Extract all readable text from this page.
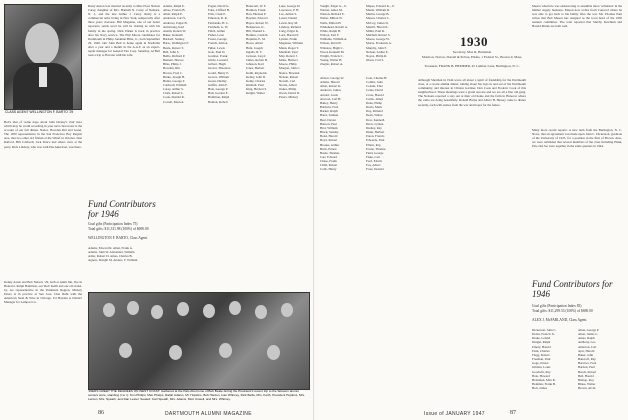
CLASS AGENT WELLINGTON F. BARTO '29
Rusty Anson was married recently to Miss Flora Nelson Carey, daughter of Mrs. Hannah N. Carey of Nemark, N. J., and the late Arthur J. Carey. Rusty is a commercial artist living in New York, temporarily after three years overseas. Bill Magenau, one of our better reporters, sends word he will be visiting us with his family in the spring. Dick Elkins is back in practice after his Navy service. The Phil Moore candidates for Dartmouth in Philip Jonathan Bliss, Jr., born September 29, 1946. Our John Bell is home again in Nashville after a year and a month in the A.A.F. as an expert-repair manager for General Tire Corp. Saturday, Al Bell took a trip to Havana with his wife.
Bob's idea of 'some dope about John Dickey's visit' here which may be worth recording in your next class notes is the account of our fall dinner. Nance, Bowden Ritt and Gazel. The 1950 representative in the San Francisco Bay Region area, met two other old friends at the Wharf in October. Don Ratford, Bill Caldwell, Jack Pence and others were at the party. Dick Lindsay, who was with Pan American, was there.
Kenny Aston and Bob Nelson, '29, both at Alum Inn, live in Hanover. Ralph Hamilton, our 'Red' Keith and our old stand-by, are representative in the Peninsula Region. Mickey Peters is in practice at San Jose. Chet Ruhl with the American Steel & Wire in Chicago. Ed Hayden is District Manager for Lamport Co.
Adams, Ralph E.
Albee, Francis B.
Allen, Ralph E.
Anderson, Carl S.
Andrews, Edgar B.
Armstrong, Karl
Austin, Robert W.
Baker, Kenneth
Barnard, Stanley
Barto, Wellington F.
Beale, Robert T.
Bell, John S.
Bellis, Richard P.
Bennett, Horace
Bliss, Philip J.
Bowden, Ritt
Brown, Fred C.
Burke, Joseph H.
Butler, George T.
Caldwell, William
Carey, Arthur S.
Clark, Robert L.
Cook, Donald R.
Cowell, Morton
Eagan, David G.
Edes, Clifford H.
Ellis, Clark E.
Emerson, R. R.
Fairbanks, H. C.
Farnham, G. W.
Finch, Arthur
Fisher, Leon
Foster, George
French, John A.
Fuller, Lewis
Gale, Paul D.
Gardner, Frank
Gibbs, Leonard
Gilbert, Hugh
Glover, Theodore
Gould, Henry E.
Graves, William
Green, Dudley
Griffin, John F.
Hale, George P.
Hall, Gordon E.
Hamilton, Ralph
Hanlon, Robert
Hanscom, W. F.
Harmon, Frank
Hart, Hudson P.
Hayden, Edward
Hayes, Robert W.
Henderson, K.
Hill, Donald L.
Holmes, Clark R.
Hopkins, E. M.
Howe, Albert
Hunt, Joseph
Ingalls, R. T.
Jackson, Lloyd
James, Robert B.
Johnson, Karl
Jones, Herbert
Keith, Reynolds
Kelley, John D.
Kemp, Charles
Kimball, Paul
King, Herbert S.
Knight, Walter
Lane, George D.
Lawrence, P. H.
Lee, Arthur S.
Lester, Daniel
Lewis, Ray M.
Lindsay, Richard
Long, Edgar K.
Lord, Harold P.
Lyman, Frank
Magenau, William
Mann, Roger T.
Marshall, Paul
May, Robert J.
Miles, Herbert
Moore, Philip
Morgan, John C.
Nance, Bowden
Nelson, Robert
Newell, Carl
Norris, Albert
Oakes, Philip
Owen, David D.
Peters, Mickey
Fund Contributors for 1946
Goal gifts (Participation Index 75)
Total gifts: $11,311.98 (100%) of $690.00
WELLINGTON F. BARTO, Class Agent.
Adams, Edward R. Allen, Frank A.
Adams, John W. Alexander, William
Adler, Robert D. Ames, Charles B.
Agnew, Dwight M. Anders, F. William
'29ERS GREET THE DEGREES ON WEST COAST: Gathered at the Palo Alto home of Bob Beale during the President's recent trip to the Western alumni centers were, standing (l to r): Tom Philips, Max Phelps, Ralph Adams, Mr. Hopkins, Bob Hanlon, Ivan Whitney, Dick Bellis, Mrs. Keith, President Hopkins, Mrs. Lenton, Mrs. Speath, and Dan Lester. Seated: Carl Speath, Mrs. Adams, Mort Cowell, and Mrs. Whitney.
86	DARTMOUTH ALUMNI MAGAZINE
Vaught, Edgar G., Jr.
Warner, Amos M.
Watson, Richard E.
Weber, Milton W.
Wells, Milton H.
Whitehead, Robert A.
White, Ralph H.
Wilcox, Earl F.
Williams, William A.
Wilson, David E.
Winslow, Hugh C.
Wood, Kenneth M.
Wright, Francis C.
Young, Walter H.
Ziegler, Robert A.
Mapes, Edward K., Jr.
Marsh, William D.
Martin, George B.
Mason, Charles C.
McCoy, James D.
Merrill, Harold L.
Miller, Paul R.
Mitchell, Robert S.
Moore, George W.
Morse, Frederick A.
Murphy, John F.
Nelson, Arthur E.
Noyes, Philip R.
Olson, Carl S.
Abbott, George W.
Adams, Harold
Allen, Robert K.
Andrews, James
Arnold, Louis
Atwood, Carl H.
Bailey, Henry
Baldwin, Fred
Barker, Ralph
Bates, Samuel
Beal, Dexter
Benson, Paul
Bird, William
Black, Stanley
Bond, Harold
Boyd, Robert
Brooks, Arthur
Buck, Ernest
Burns, Thomas
Carr, Edward
Chase, Frank
Child, Robert
Cobb, Henry
Cole, Charles H.
Collins, John
Conant, Eliot
Crane, David
Cross, Harold
Curtis, James
Dana, Philip
Davis, Mark
Day, Richard
Dean, Walter
Dow, Kenneth
Drew, Lyman
Dudley, Ray
Dunn, Herbert
Eaton, Francis
Edwards, Paul
Elliott, Roy
Evans, Thomas
Field, George
Fiske, Carl
Ford, Edwin
Fox, Albert
Frost, Donald
1930
Secretary, Max R. Heitzman
Moulton, Norton, Darrell & Polton, Elkins, 1 Federal St., Boston 9, Mass.
Treasurer, FRANK B. HEMMER, 45 Lumber Lane, Burlington, N. C.
Although Sherman in 1944 wrote all about a spirit of friendship for the Dartmouth class, at a recent alumni dinner, talking about his days in and out of the Dartmouth community, and interest in Clinton Gardner, Don Cook and Frederic Cook of this neighborhood. These meetings were a grand success and we are all a fine old gang. The Nelsons reported a stay out at their old home and the farm in Hanover where the cattle are doing beautifully. Ronald Bache and Albert H. Hassey came to dinner recently, each with stories from the war and hopes for the future.
Mason whom he was endeavoring to assemble more 'wrinklers' in the lumber supply business. Mason now writes from Concord where he was able to get back to his family after the war. Mr. Thomas Paul writes that Bob Mason has resigned as the local head of the 1930 reunion committee. The total reported that Stubby Ketchum and Harold Marks are both well.
Many more recent reports: A new item from the Burlington, N. C. News, that an agreement was made upon John C. Dickerson, graduate of the University of 1925, for a position in the firm of Brown. Also, we were reminded that several members of the class including Hank, Pete and Joe were together in the same quarters in 1944.
Fund Contributors for 1946
Goal gifts (Participation Index 83)
Total gifts: $11,299.53 (100%) of $690.00
ALEX J. McFARLAND, Class Agent.
Dickerson, John C.
Dolan, Francis X.
Drake, Leland
Durgin, Ralph
Emery, Harold
Fenn, Charles
Flagg, Robert
Freeman, Paul
Gage, Ernest
Gilman, Louis
Goodwin, Roy
Hale, Howard
Heitzman, Max R.
Hemmer, Frank B.
Holt, James
Allen, George P.
Allen, James C.
Ames, Ralph
Anthony, Leo
Atherton, Carl
Ayer, Harold
Baker, John
Bancroft, Ray
Barrows, Fred
Bartlett, Paul
Beach, Robert
Bell, Harold
Bishop, Roy
Blake, Walter
Brown, Alvin
Issue of JANUARY 1947	87
